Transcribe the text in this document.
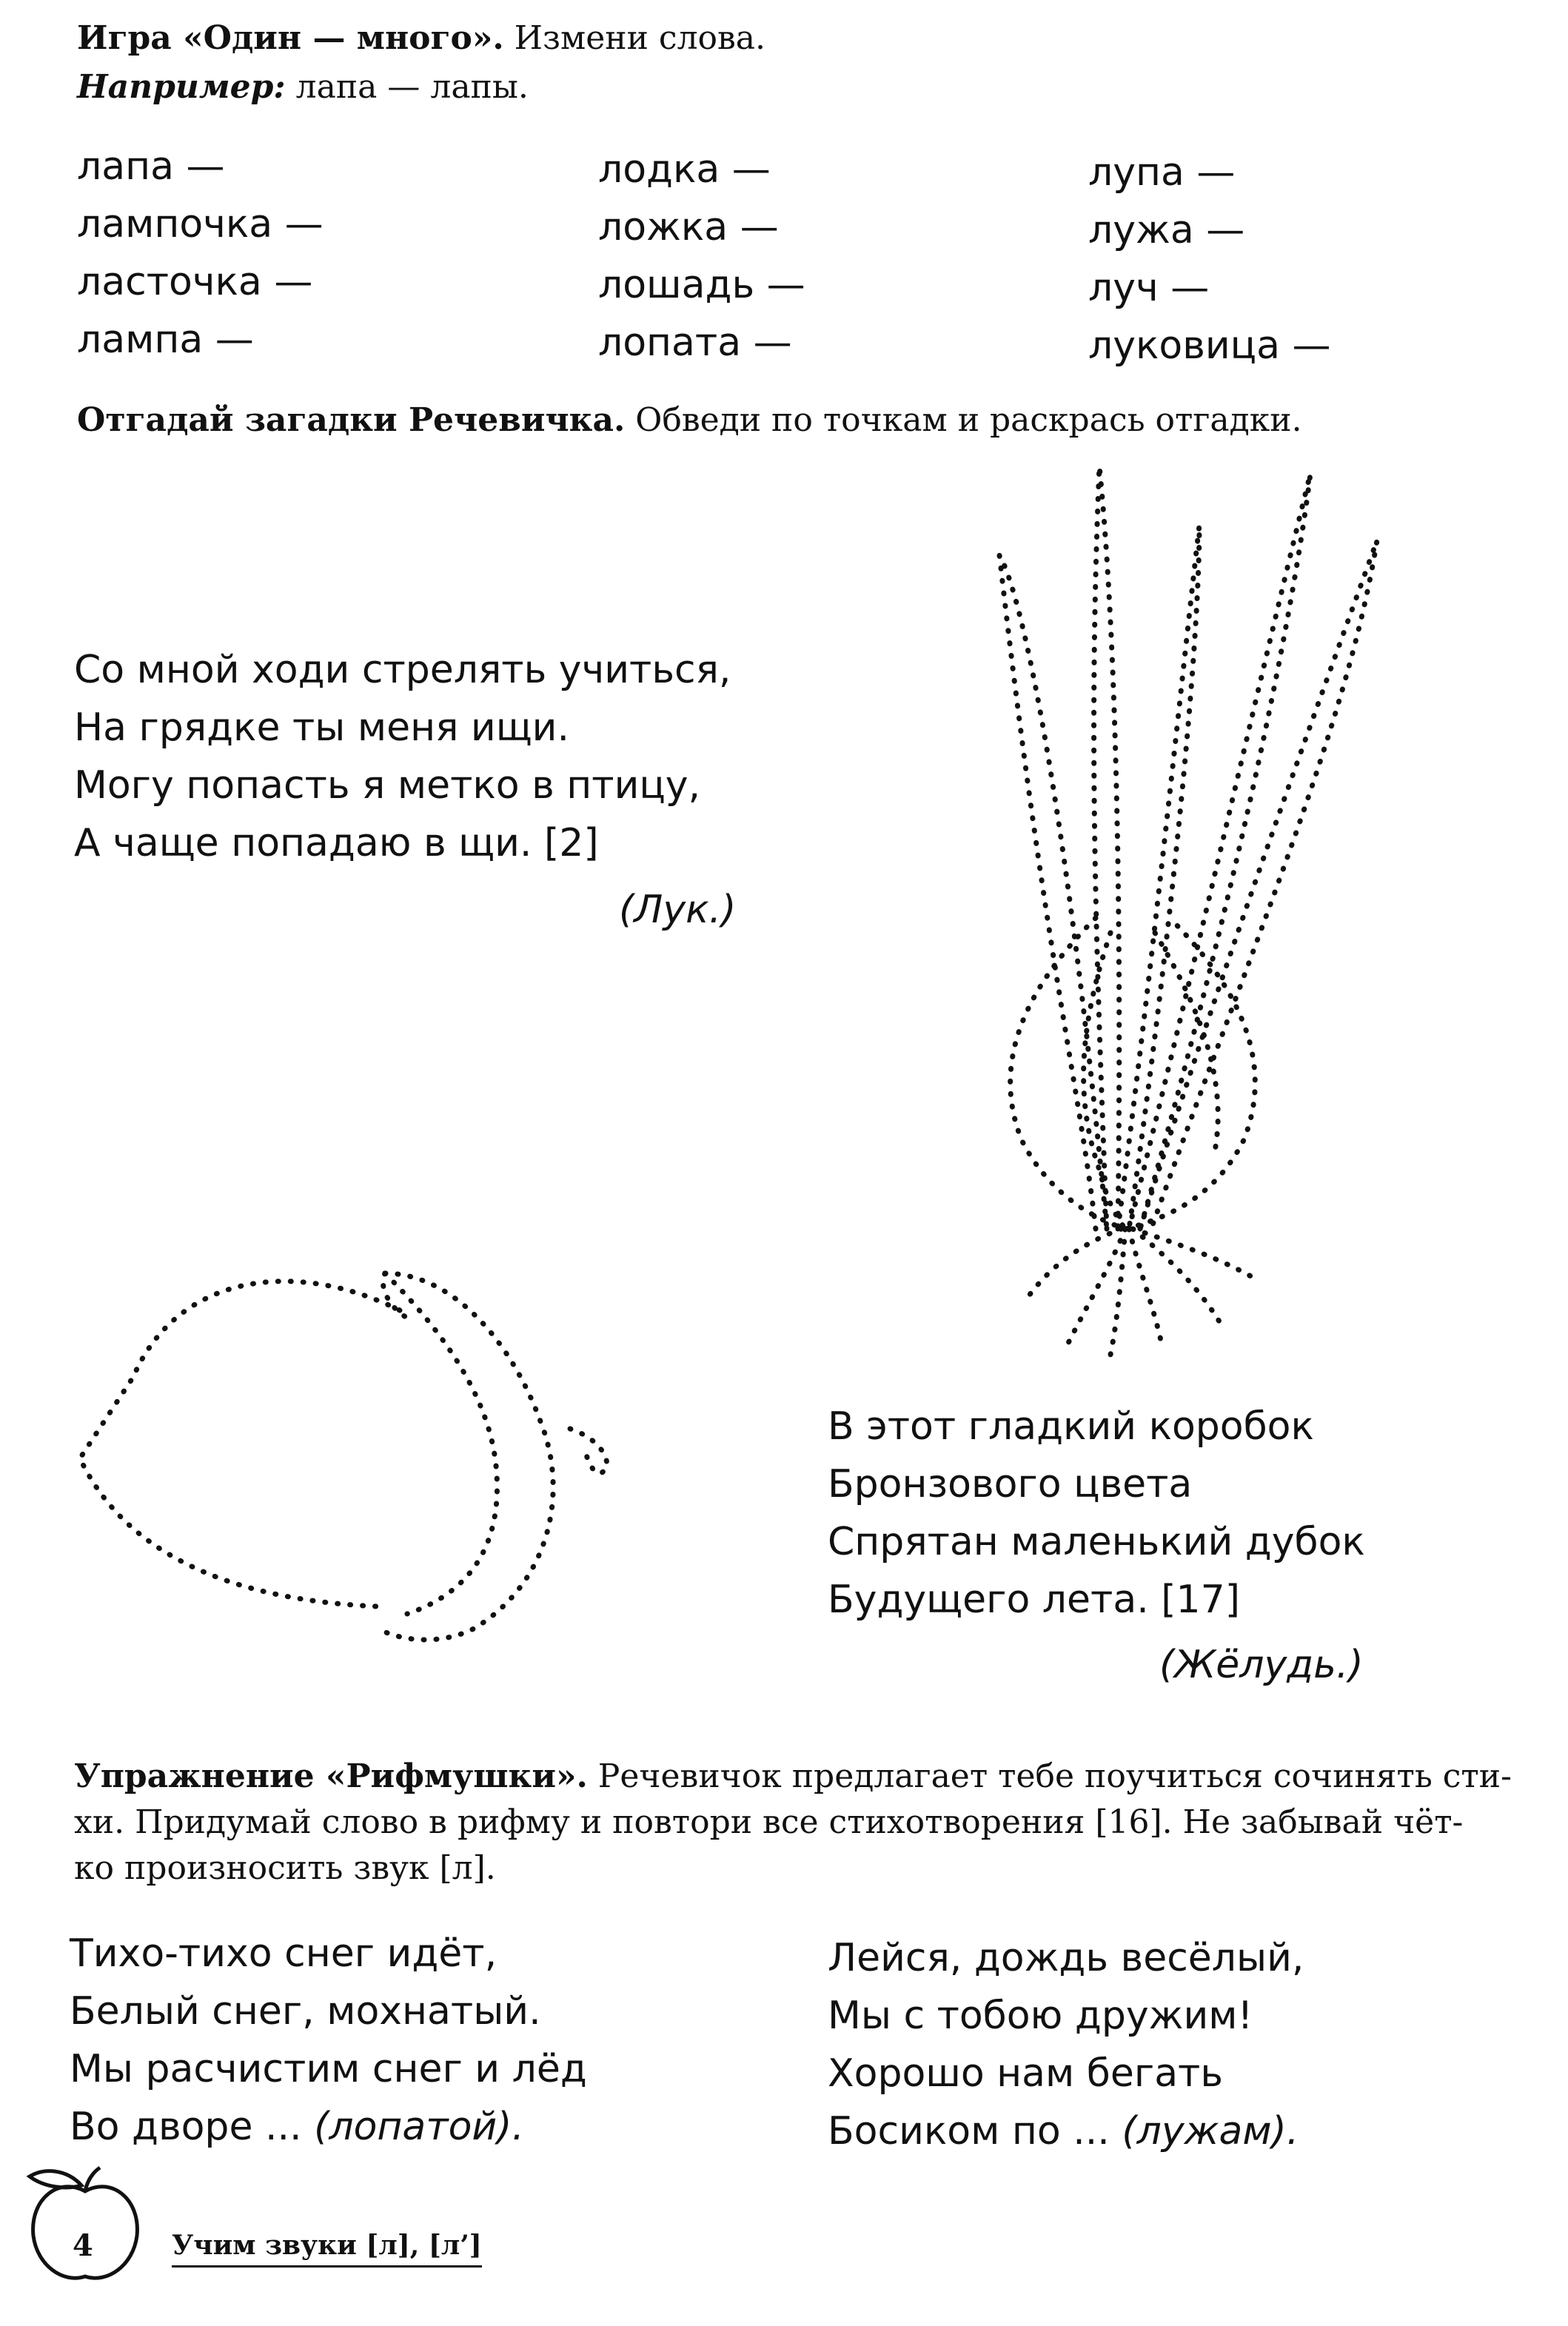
Игра «Один — много». Измени слова.
Например: лапа — лапы.
лапа —
лампочка —
ласточка —
лампа —
лодка —
ложка —
лошадь —
лопата —
лупа —
лужа —
луч —
луковица —
Отгадай загадки Речевичка. Обведи по точкам и раскрась отгадки.
Со мной ходи стрелять учиться,
На грядке ты меня ищи.
Могу попасть я метко в птицу,
А чаще попадаю в щи. [2]
(Лук.)
В этот гладкий коробок
Бронзового цвета
Спрятан маленький дубок
Будущего лета. [17]
(Жёлудь.)
Упражнение «Рифмушки». Речевичок предлагает тебе поучиться сочинять сти-
хи. Придумай слово в рифму и повтори все стихотворения [16]. Не забывай чёт-
ко произносить звук [л].
Тихо-тихо снег идёт,
Белый снег, мохнатый.
Мы расчистим снег и лёд
Во дворе ... (лопатой).
Лейся, дождь весёлый,
Мы с тобою дружим!
Хорошо нам бегать
Босиком по ... (лужам).
4	Учим звуки [л], [л’]
